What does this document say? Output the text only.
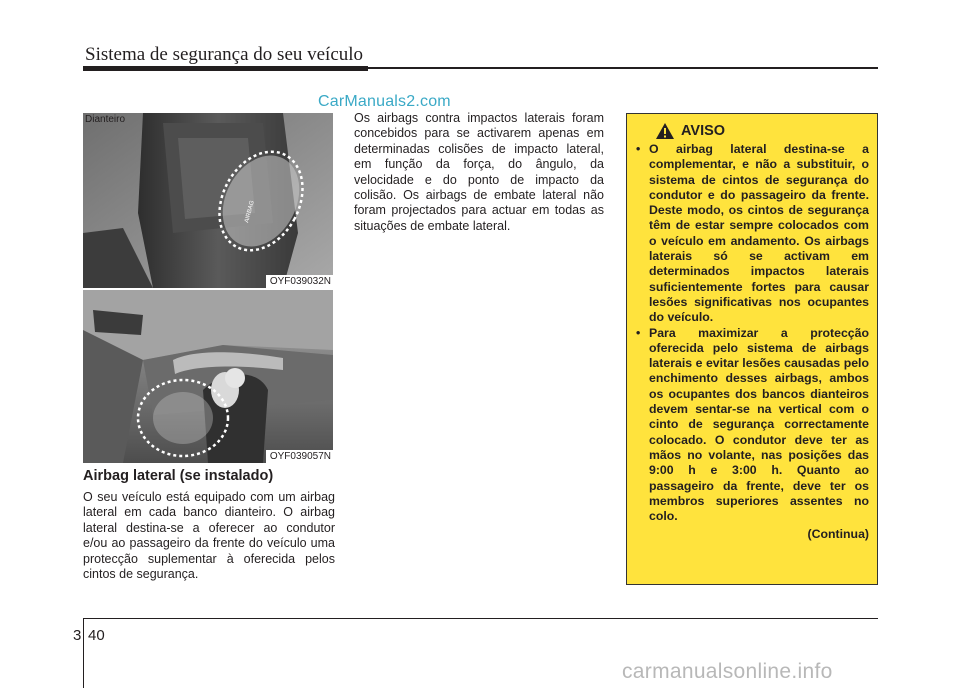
Sistema de segurança do seu veículo
CarManuals2.com
AIRBAG
Dianteiro
OYF039032N
OYF039057N
Airbag lateral (se instalado)
O seu veículo está equipado com um airbag lateral em cada banco dianteiro. O airbag lateral destina-se a oferecer ao condutor e/ou ao passageiro da frente do veículo uma protecção suplementar à oferecida pelos cintos de segurança.
Os airbags contra impactos laterais foram concebidos para se activarem apenas em determinadas colisões de impacto lateral, em função da força, do ângulo, da velocidade e do ponto de impacto da colisão. Os airbags de embate lateral não foram projectados para actuar em todas as situações de embate lateral.
AVISO
• O airbag lateral destina-se a complementar, e não a substituir, o sistema de cintos de segurança do condutor e do passageiro da frente. Deste modo, os cintos de segurança têm de estar sempre colocados com o veículo em andamento. Os airbags laterais só se activam em determinados impactos laterais suficientemente fortes para causar lesões significativas nos ocupantes do veículo.
• Para maximizar a protecção oferecida pelo sistema de airbags laterais e evitar lesões causadas pelo enchimento desses airbags, ambos os ocupantes dos bancos dianteiros devem sentar-se na vertical com o cinto de segurança correctamente colocado. O condutor deve ter as mãos no volante, nas posições das 9:00 h e 3:00 h. Quanto ao passageiro da frente, deve ter os membros superiores assentes no colo.
(Continua)
3 40
carmanualsonline.info
